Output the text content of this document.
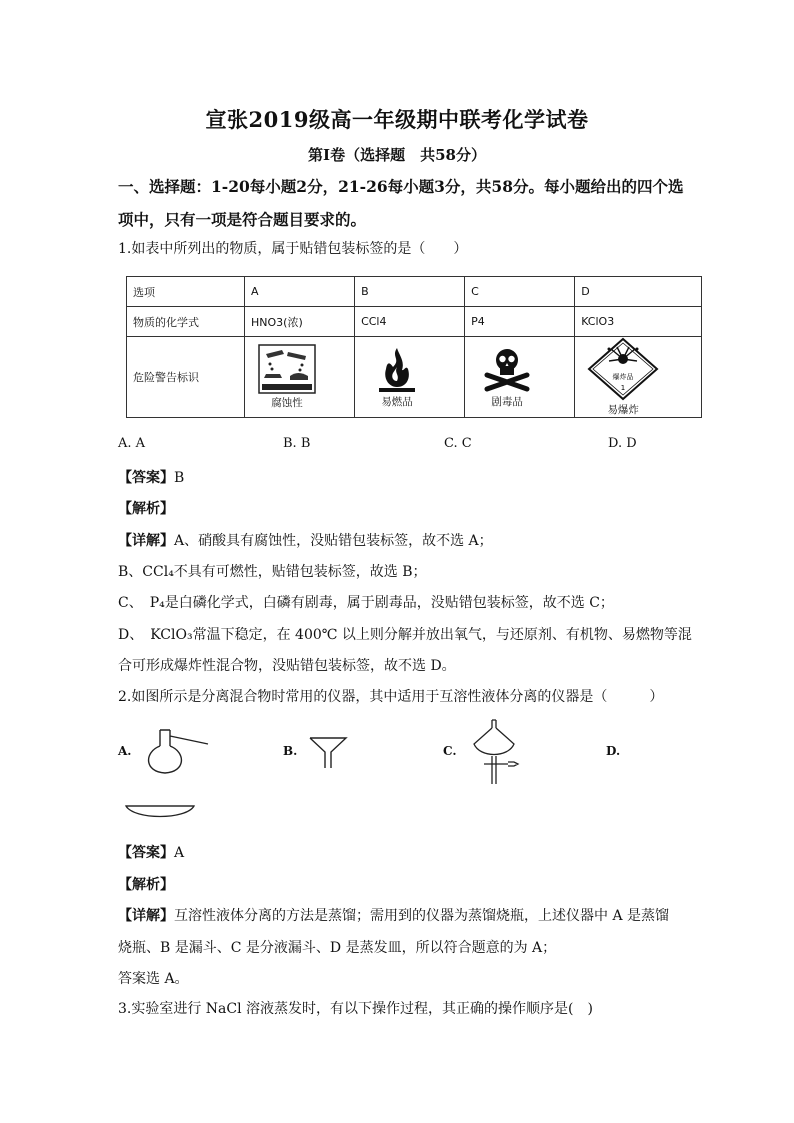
宣张2019级高一年级期中联考化学试卷
第Ⅰ卷（选择题　共58分）
一、选择题：1-20每小题2分，21-26每小题3分，共58分。每小题给出的四个选项中，只有一项是符合题目要求的。
1.如表中所列出的物质，属于贴错包装标签的是（　　）
选项	A	B	C	D
物质的化学式	HNO3(浓)	CCl4	P4	KClO3
危险警告标识	腐蚀性	易燃品	剧毒品	爆炸品
1
易爆炸
A. A	B. B	C. C	D. D
【答案】B
【解析】
【详解】A、硝酸具有腐蚀性，没贴错包装标签，故不选 A；
B、CCl₄不具有可燃性，贴错包装标签，故选 B；
C、　P₄是白磷化学式，白磷有剧毒，属于剧毒品，没贴错包装标签，故不选 C；
D、　KClO₃常温下稳定，在 400℃ 以上则分解并放出氧气，与还原剂、有机物、易燃物等混
合可形成爆炸性混合物，没贴错包装标签，故不选 D。
2.如图所示是分离混合物时常用的仪器，其中适用于互溶性液体分离的仪器是（　　　）
A.	B.	C.	D.
【答案】A
【解析】
【详解】互溶性液体分离的方法是蒸馏；需用到的仪器为蒸馏烧瓶，上述仪器中 A 是蒸馏
烧瓶、B 是漏斗、C 是分液漏斗、D 是蒸发皿，所以符合题意的为 A；
答案选 A。
3.实验室进行 NaCl 溶液蒸发时，有以下操作过程，其正确的操作顺序是(　)
